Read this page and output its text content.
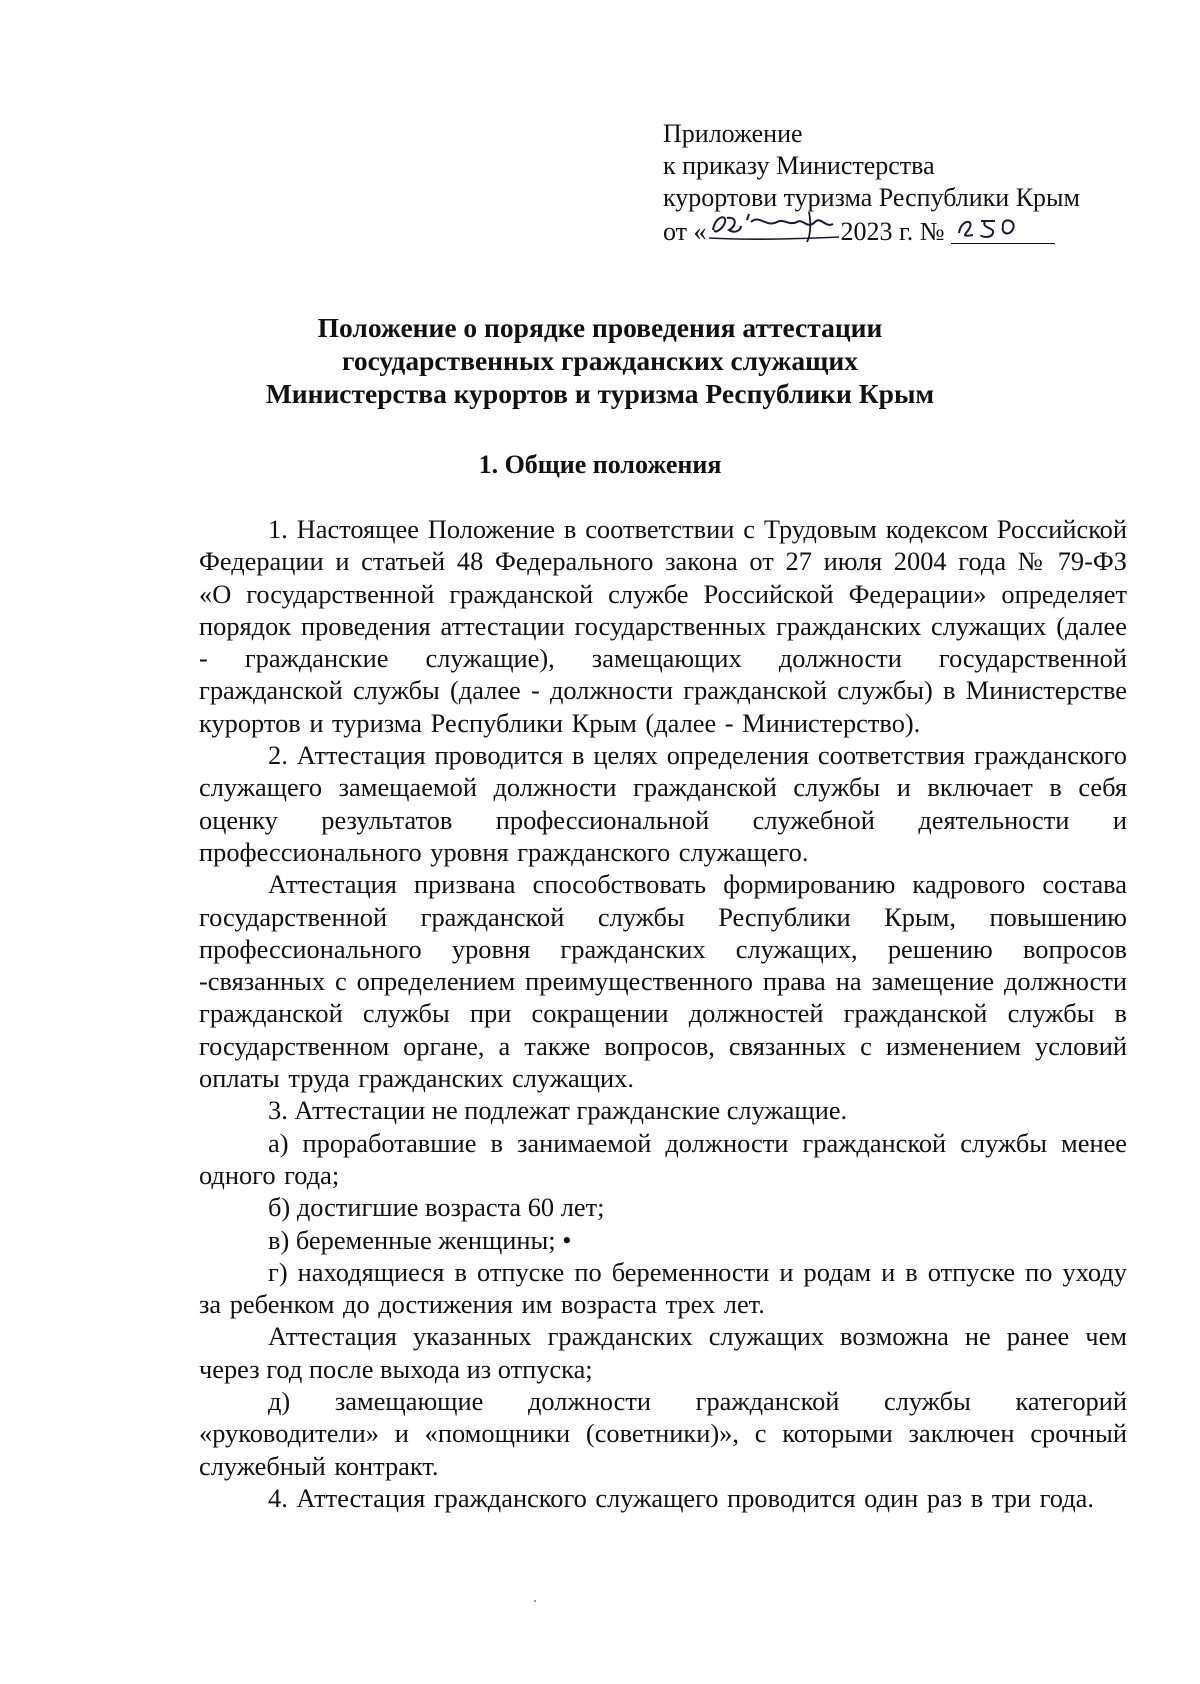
Приложение
к приказу Министерства
курортови туризма Республики Крым
от «	2023 г. №
Положение о порядке проведения аттестации
государственных гражданских служащих
Министерства курортов и туризма Республики Крым
1. Общие положения

1. Настоящее Положение в соответствии с Трудовым кодексом Российской Федерации и статьей 48 Федерального закона от 27 июля 2004 года № 79-ФЗ «О государственной гражданской службе Российской Федерации» определяет порядок проведения аттестации государственных гражданских служащих (далее - гражданские служащие), замещающих должности государственной гражданской службы (далее - должности гражданской службы) в Министерстве курортов и туризма Республики Крым (далее - Министерство).

2. Аттестация проводится в целях определения соответствия гражданского служащего замещаемой должности гражданской службы и включает в себя оценку результатов профессиональной служебной деятельности и профессионального уровня гражданского служащего.

Аттестация призвана способствовать формированию кадрового состава государственной гражданской службы Республики Крым, повышению профессионального уровня гражданских служащих, решению вопросов ‑связанных с определением преимущественного права на замещение должности гражданской службы при сокращении должностей гражданской службы в государственном органе, а также вопросов, связанных с изменением условий оплаты труда гражданских служащих.

3. Аттестации не подлежат гражданские служащие.

а) проработавшие в занимаемой должности гражданской службы менее одного года;

б) достигшие возраста 60 лет;

в) беременные женщины; •

г) находящиеся в отпуске по беременности и родам и в отпуске по уходу за ребенком до достижения им возраста трех лет.

Аттестация указанных гражданских служащих возможна не ранее чем через год после выхода из отпуска;

д) замещающие должности гражданской службы категорий «руководители» и «помощники (советники)», с которыми заключен срочный служебный контракт.

4. Аттестация гражданского служащего проводится один раз в три года.
